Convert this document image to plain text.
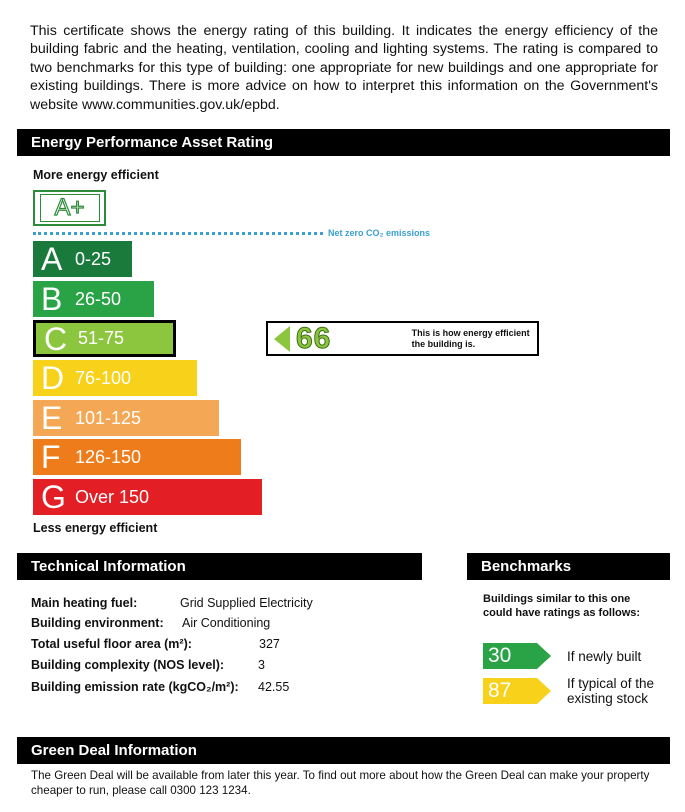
This certificate shows the energy rating of this building. It indicates the energy efficiency of the building fabric and the heating, ventilation, cooling and lighting systems. The rating is compared to two benchmarks for this type of building: one appropriate for new buildings and one appropriate for existing buildings. There is more advice on how to interpret this information on the Government's website www.communities.gov.uk/epbd.

Energy Performance Asset Rating
More energy efficient
A+
Net zero CO₂ emissions
A 0-25
B 26-50
C 51-75
D 76-100
E 101-125
F 126-150
G Over 150
66	This is how energy efficient the building is.
Less energy efficient
Technical Information
Main heating fuel:	Grid Supplied Electricity
Building environment: Air Conditioning
Total useful floor area (m²):	327
Building complexity (NOS level):	3
Building emission rate (kgCO₂/m²): 42.55
Benchmarks
Buildings similar to this one could have ratings as follows:
30	If newly built
87	If typical of the existing stock
Green Deal Information
The Green Deal will be available from later this year. To find out more about how the Green Deal can make your property cheaper to run, please call 0300 123 1234.
